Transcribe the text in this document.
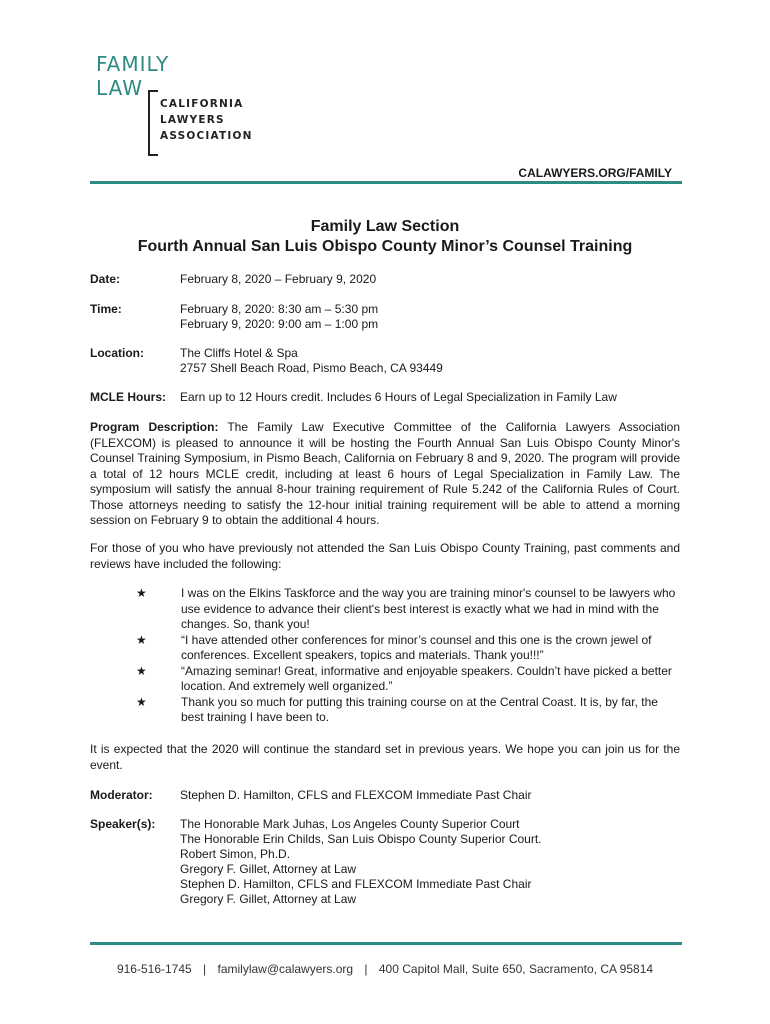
FAMILY
LAW
CALIFORNIA
LAWYERS
ASSOCIATION
CALAWYERS.ORG/FAMILY
Family Law Section
Fourth Annual San Luis Obispo County Minor’s Counsel Training
Date:	February 8, 2020 – February 9, 2020
Time:	February 8, 2020: 8:30 am – 5:30 pm
February 9, 2020: 9:00 am – 1:00 pm
Location:	The Cliffs Hotel & Spa
2757 Shell Beach Road, Pismo Beach, CA 93449
MCLE Hours: Earn up to 12 Hours credit. Includes 6 Hours of Legal Specialization in Family Law
Program Description: The Family Law Executive Committee of the California Lawyers Association (FLEXCOM) is pleased to announce it will be hosting the Fourth Annual San Luis Obispo County Minor's Counsel Training Symposium, in Pismo Beach, California on February 8 and 9, 2020. The program will provide a total of 12 hours MCLE credit, including at least 6 hours of Legal Specialization in Family Law. The symposium will satisfy the annual 8-hour training requirement of Rule 5.242 of the California Rules of Court. Those attorneys needing to satisfy the 12-hour initial training requirement will be able to attend a morning session on February 9 to obtain the additional 4 hours.
For those of you who have previously not attended the San Luis Obispo County Training, past comments and reviews have included the following:
★	I was on the Elkins Taskforce and the way you are training minor's counsel to be lawyers who use evidence to advance their client's best interest is exactly what we had in mind with the changes. So, thank you!
★	“I have attended other conferences for minor’s counsel and this one is the crown jewel of conferences. Excellent speakers, topics and materials. Thank you!!!”
★	“Amazing seminar! Great, informative and enjoyable speakers. Couldn’t have picked a better location. And extremely well organized.”
★	Thank you so much for putting this training course on at the Central Coast. It is, by far, the best training I have been to.
It is expected that the 2020 will continue the standard set in previous years. We hope you can join us for the event.
Moderator: Stephen D. Hamilton, CFLS and FLEXCOM Immediate Past Chair
Speaker(s): The Honorable Mark Juhas, Los Angeles County Superior Court
The Honorable Erin Childs, San Luis Obispo County Superior Court.
Robert Simon, Ph.D.
Gregory F. Gillet, Attorney at Law
Stephen D. Hamilton, CFLS and FLEXCOM Immediate Past Chair
Gregory F. Gillet, Attorney at Law
916-516-1745 | familylaw@calawyers.org | 400 Capitol Mall, Suite 650, Sacramento, CA 95814
